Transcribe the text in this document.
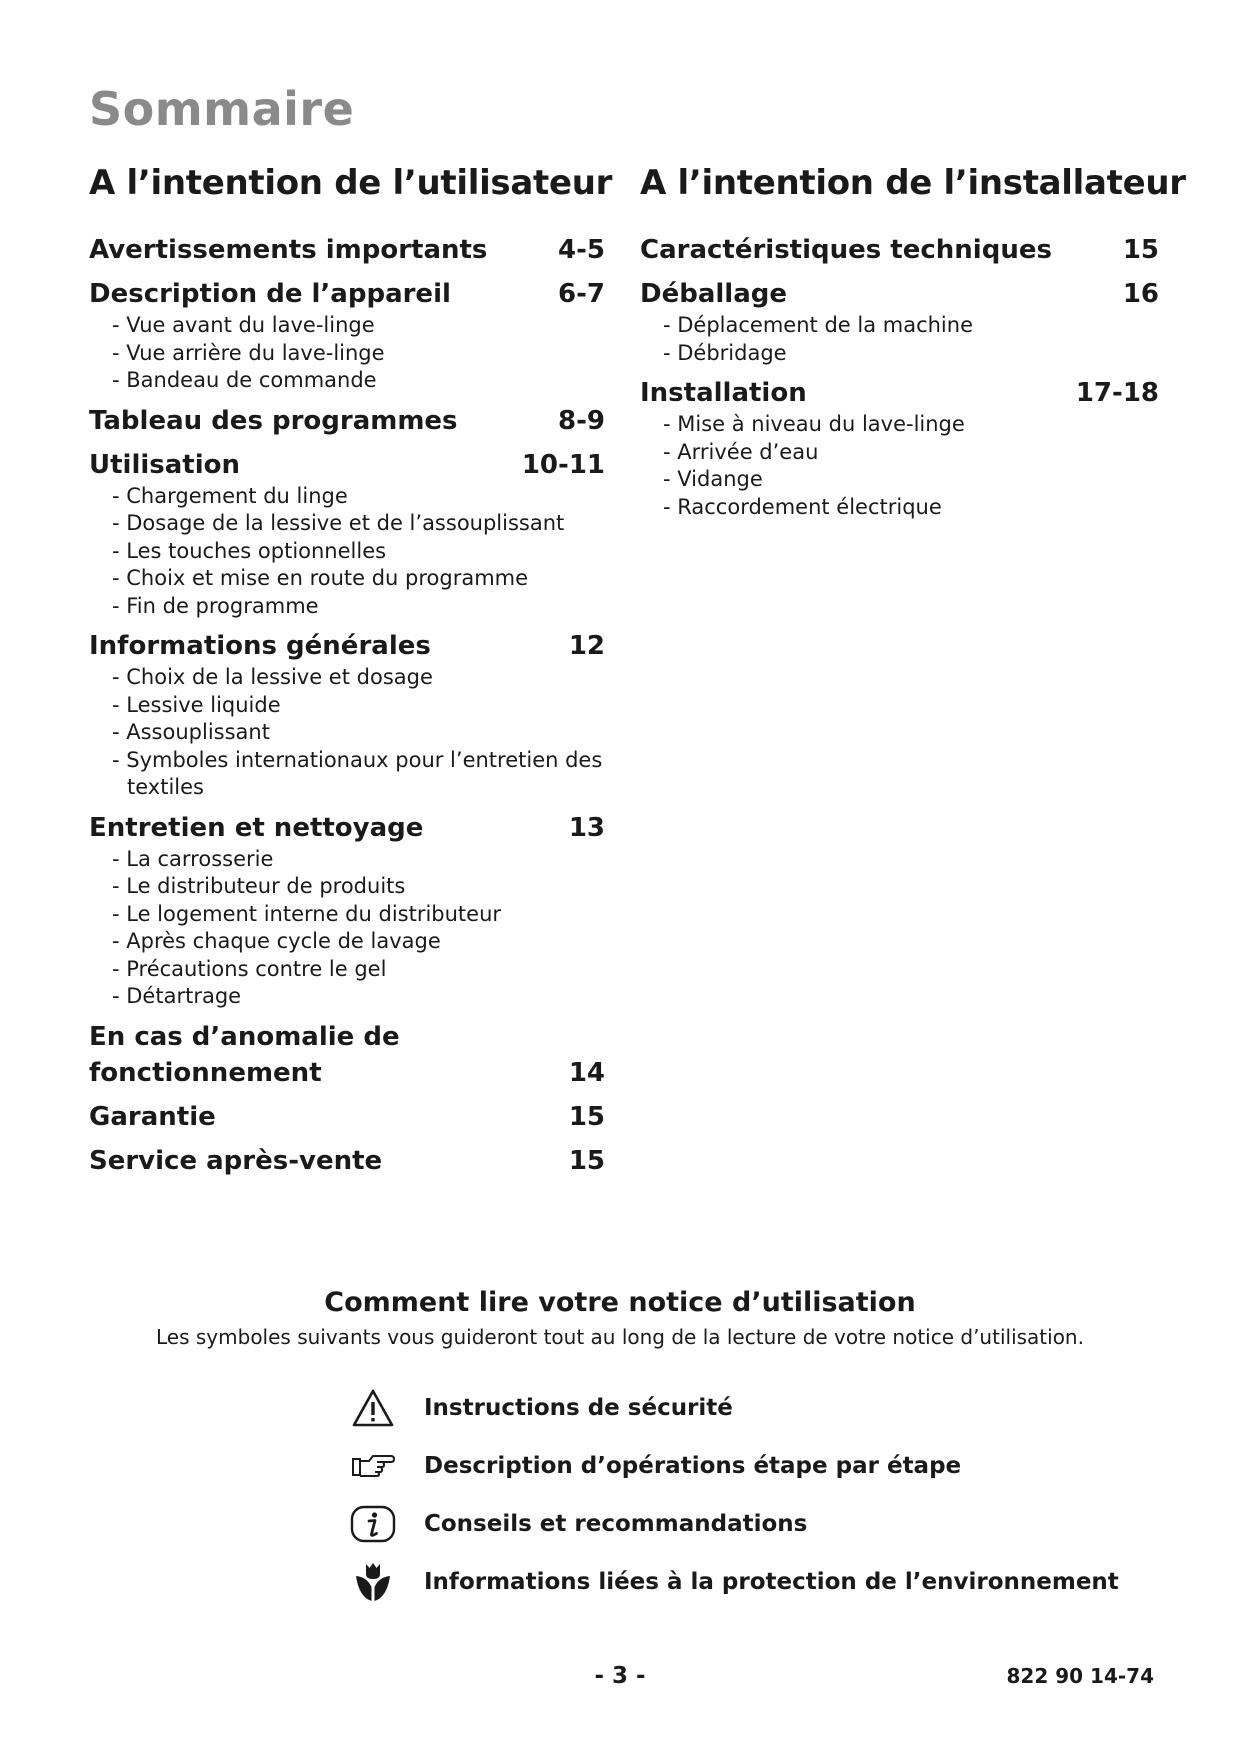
Sommaire
A l’intention de l’utilisateur
Avertissements importants	4-5
Description de l’appareil	6-7
- Vue avant du lave-linge
- Vue arrière du lave-linge
- Bandeau de commande
Tableau des programmes	8-9
Utilisation	10-11
- Chargement du linge
- Dosage de la lessive et de l’assouplissant
- Les touches optionnelles
- Choix et mise en route du programme
- Fin de programme
Informations générales	12
- Choix de la lessive et dosage
- Lessive liquide
- Assouplissant
- Symboles internationaux pour l’entretien des textiles
Entretien et nettoyage	13
- La carrosserie
- Le distributeur de produits
- Le logement interne du distributeur
- Après chaque cycle de lavage
- Précautions contre le gel
- Détartrage
En cas d’anomalie de
fonctionnement	14
Garantie	15
Service après-vente	15
A l’intention de l’installateur
Caractéristiques techniques	15
Déballage	16
- Déplacement de la machine
- Débridage
Installation	17-18
- Mise à niveau du lave-linge
- Arrivée d’eau
- Vidange
- Raccordement électrique
Comment lire votre notice d’utilisation
Les symboles suivants vous guideront tout au long de la lecture de votre notice d’utilisation.
Instructions de sécurité
Description d’opérations étape par étape
Conseils et recommandations
Informations liées à la protection de l’environnement
- 3 -	822 90 14-74
